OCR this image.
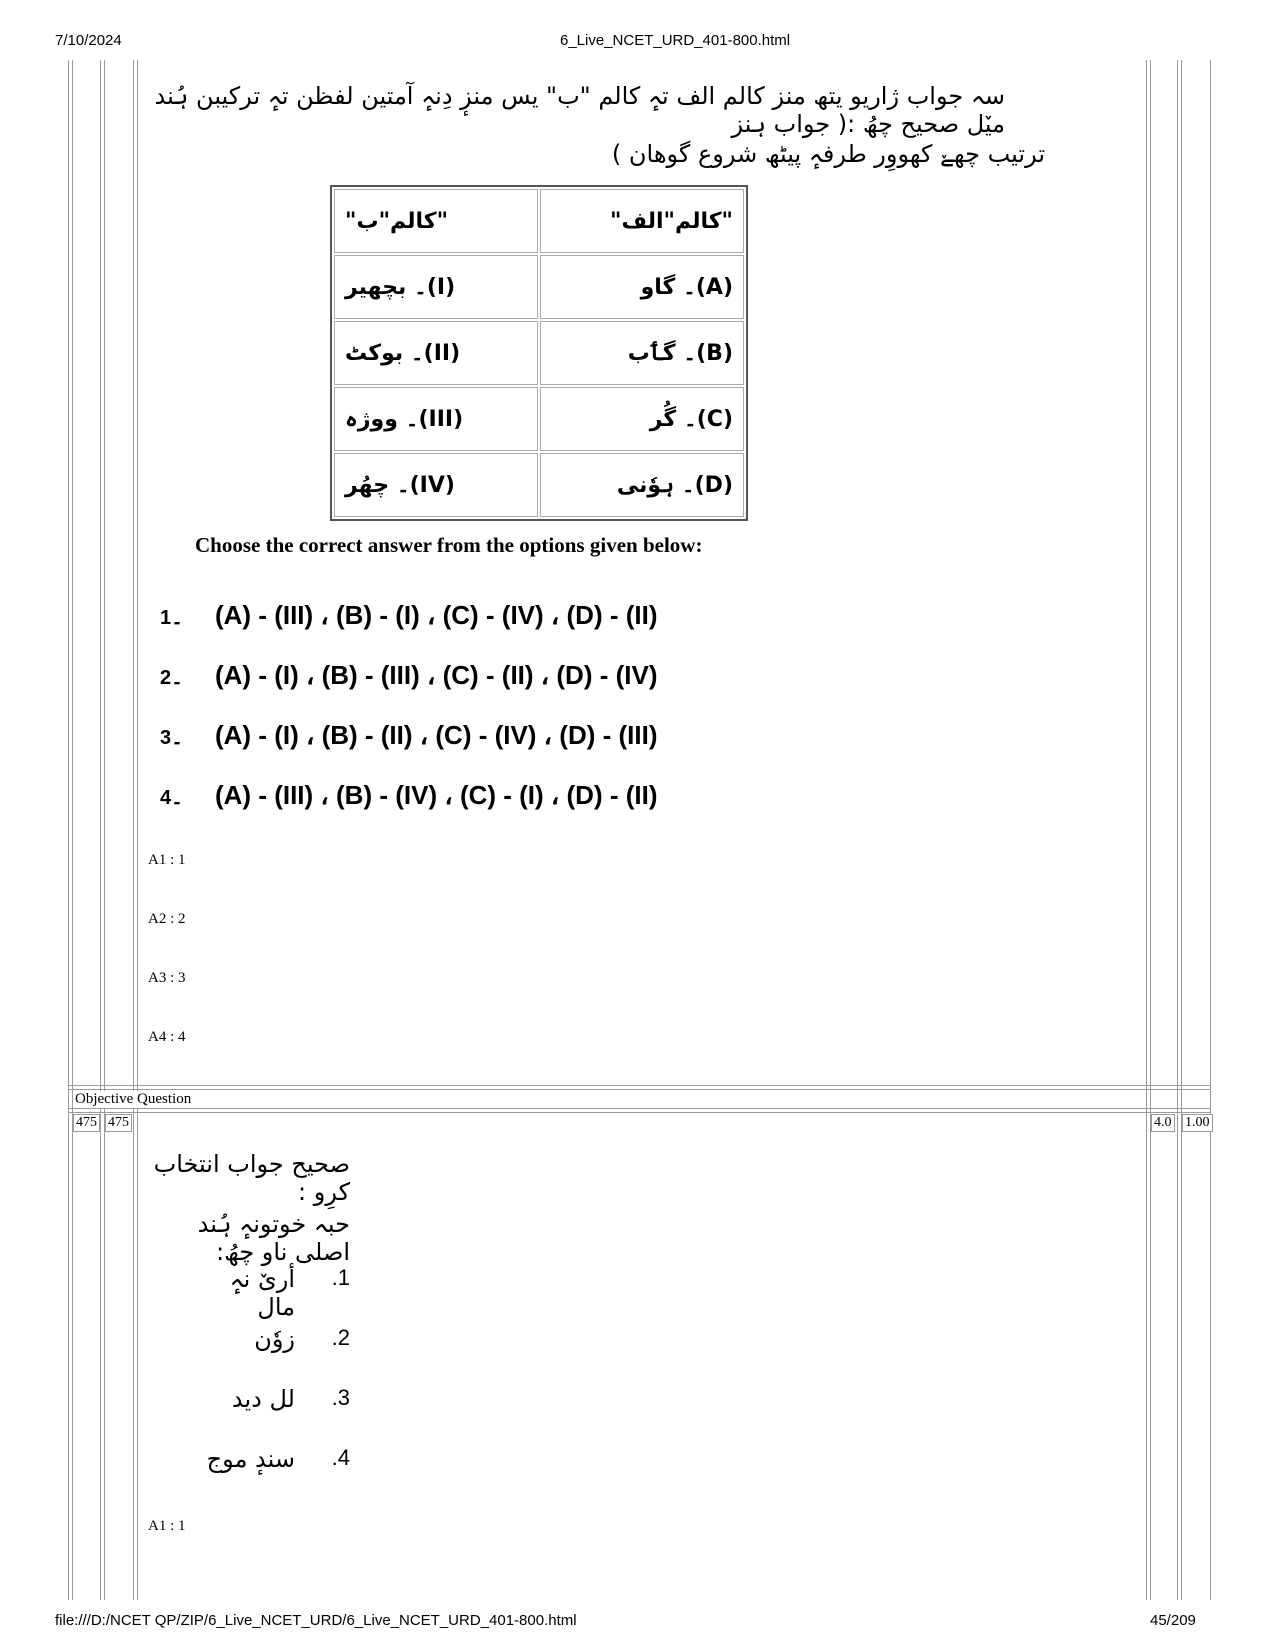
7/10/2024	6_Live_NCET_URD_401-800.html
file:///D:/NCET QP/ZIP/6_Live_NCET_URD/6_Live_NCET_URD_401-800.html	45/209
سہ جواب ژاریو یتھ منز کالم الف تہٕ کالم "ب" یس منزٕ دِنہٕ آمتین لفظن تہٕ ترکیبن ہُند میٚل صحیح چھُ :( جواب ہنز
ترتیب چھےٚ کھووِر طرفہٕ پیٹھ شروع گوھان )
"کالم"ب"	"کالم"الف"
(I)۔ بچھیر	(A)۔ گاو
(II)۔ بوکٹ	(B)۔ گٲب
(III)۔ ووژہ	(C)۔ گُر
(IV)۔ چھُر	(D)۔ ہوٗنی
Choose the correct answer from the options given below:
1۔ (A) - (III) ، (B) - (I) ، (C) - (IV) ، (D) - (II)
2۔ (A) - (I) ، (B) - (III) ، (C) - (II) ، (D) - (IV)
3۔ (A) - (I) ، (B) - (II) ، (C) - (IV) ، (D) - (III)
4۔ (A) - (III) ، (B) - (IV) ، (C) - (I) ، (D) - (II)
A1 : 1
A2 : 2
A3 : 3
A4 : 4
Objective Question
475 475	4.0 1.00
صحیح جواب انتخاب کرِو :
حبہ خوتونہٕ ہُند اصلی ناو چھُ:
أریٚ نہٕ مال
.1
زوٗن .2
لل دید .3
سندٕ موج .4
A1 : 1
